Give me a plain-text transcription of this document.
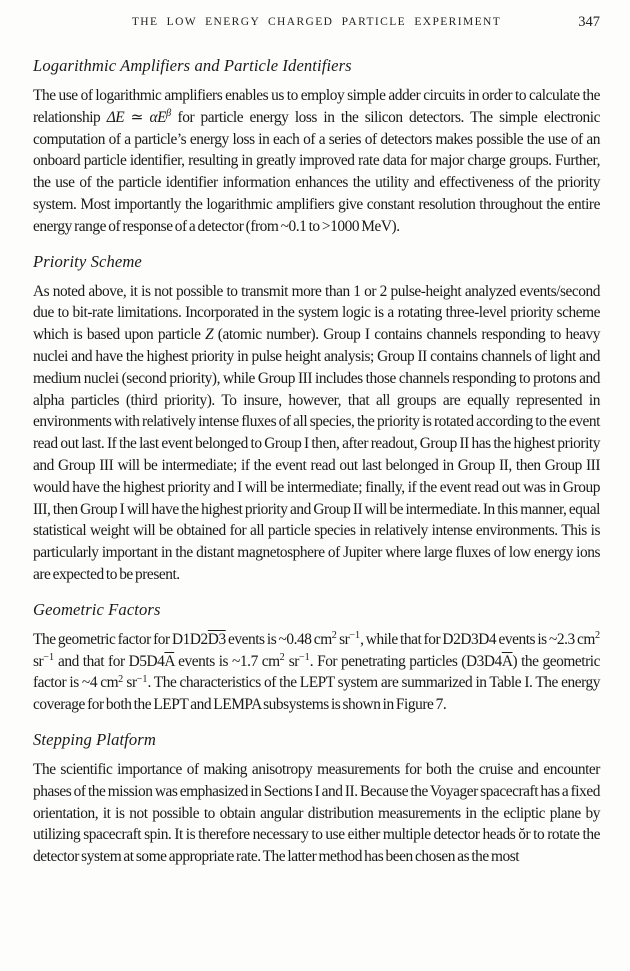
THE LOW ENERGY CHARGED PARTICLE EXPERIMENT	347
Logarithmic Amplifiers and Particle Identifiers

The use of logarithmic amplifiers enables us to employ simple adder circuits in order to calculate the relationship ΔE ≃ $\alpha E^\beta$ for particle energy loss in the silicon detectors. The simple electronic computation of a particle’s energy loss in each of a series of detectors makes possible the use of an onboard particle identifier, resulting in greatly improved rate data for major charge groups. Further, the use of the particle identifier information enhances the utility and effectiveness of the priority system. Most importantly the logarithmic amplifiers give constant resolution throughout the entire energy range of response of a detector (from ~0.1 to >1000 MeV).

Priority Scheme

As noted above, it is not possible to transmit more than 1 or 2 pulse-height analyzed events/second due to bit-rate limitations. Incorporated in the system logic is a rotating three-level priority scheme which is based upon particle Z (atomic number). Group I contains channels responding to heavy nuclei and have the highest priority in pulse height analysis; Group II contains channels of light and medium nuclei (second priority), while Group III includes those channels responding to protons and alpha particles (third priority). To insure, however, that all groups are equally represented in environments with relatively intense fluxes of all species, the priority is rotated according to the event read out last. If the last event belonged to Group I then, after readout, Group II has the highest priority and Group III will be intermediate; if the event read out last belonged in Group II, then Group III would have the highest priority and I will be intermediate; finally, if the event read out was in Group III, then Group I will have the highest priority and Group II will be intermediate. In this manner, equal statistical weight will be obtained for all particle species in relatively intense environments. This is particularly important in the distant magnetosphere of Jupiter where large fluxes of low energy ions are expected to be present.

Geometric Factors

The geometric factor for D1D2D3 events is ~0.48 $cm^2$ $sr^{-1}$, while that for D2D3D4 events is ~2.3 $cm^2$ $sr^{-1}$ and that for $D5D4\overline{A}$ events is ~1.7 $cm^2$ $sr^{-1}$. For penetrating particles $(D3D4\overline{A})$ the geometric factor is ~4 $cm^2$ $sr^{-1}$. The characteristics of the LEPT system are summarized in Table I. The energy coverage for both the LEPT and LEMPA subsystems is shown in Figure 7.

Stepping Platform

The scientific importance of making anisotropy measurements for both the cruise and encounter phases of the mission was emphasized in Sections I and II. Because the Voyager spacecraft has a fixed orientation, it is not possible to obtain angular distribution measurements in the ecliptic plane by utilizing spacecraft spin. It is therefore necessary to use either multiple detector heads ŏr to rotate the detector system at some appropriate rate. The latter method has been chosen as the most
